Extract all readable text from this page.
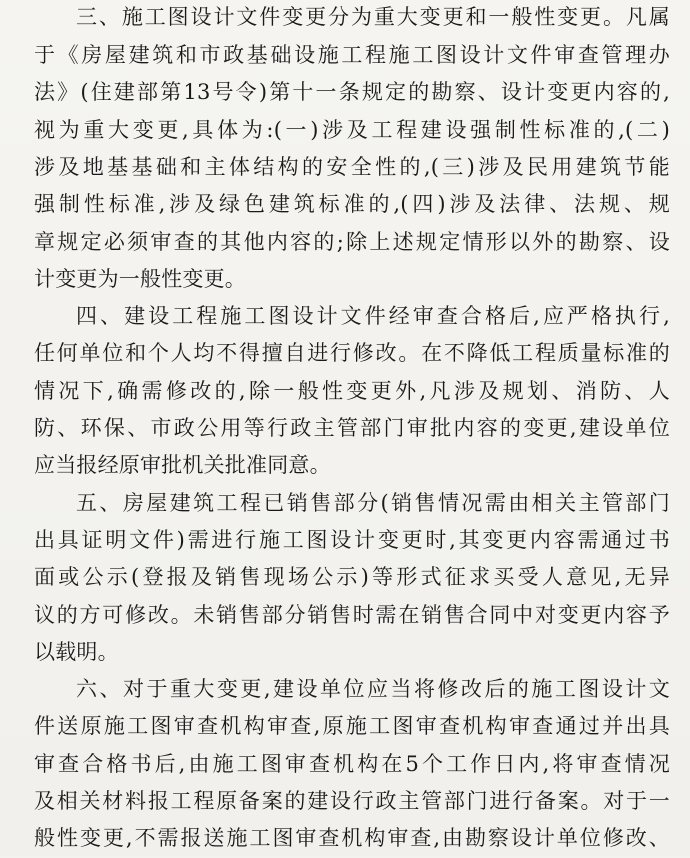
三、施工图设计文件变更分为重大变更和一般性变更。凡属
于《房屋建筑和市政基础设施工程施工图设计文件审查管理办
法》(住建部第13号令)第十一条规定的勘察、设计变更内容的,
视为重大变更,具体为:(一)涉及工程建设强制性标准的,(二)
涉及地基基础和主体结构的安全性的,(三)涉及民用建筑节能
强制性标准,涉及绿色建筑标准的,(四)涉及法律、法规、规
章规定必须审查的其他内容的;除上述规定情形以外的勘察、设
计变更为一般性变更。
四、建设工程施工图设计文件经审查合格后,应严格执行,
任何单位和个人均不得擅自进行修改。在不降低工程质量标准的
情况下,确需修改的,除一般性变更外,凡涉及规划、消防、人
防、环保、市政公用等行政主管部门审批内容的变更,建设单位
应当报经原审批机关批准同意。
五、房屋建筑工程已销售部分(销售情况需由相关主管部门
出具证明文件)需进行施工图设计变更时,其变更内容需通过书
面或公示(登报及销售现场公示)等形式征求买受人意见,无异
议的方可修改。未销售部分销售时需在销售合同中对变更内容予
以载明。
六、对于重大变更,建设单位应当将修改后的施工图设计文
件送原施工图审查机构审查,原施工图审查机构审查通过并出具
审查合格书后,由施工图审查机构在5个工作日内,将审查情况
及相关材料报工程原备案的建设行政主管部门进行备案。对于一
般性变更,不需报送施工图审查机构审查,由勘察设计单位修改、
